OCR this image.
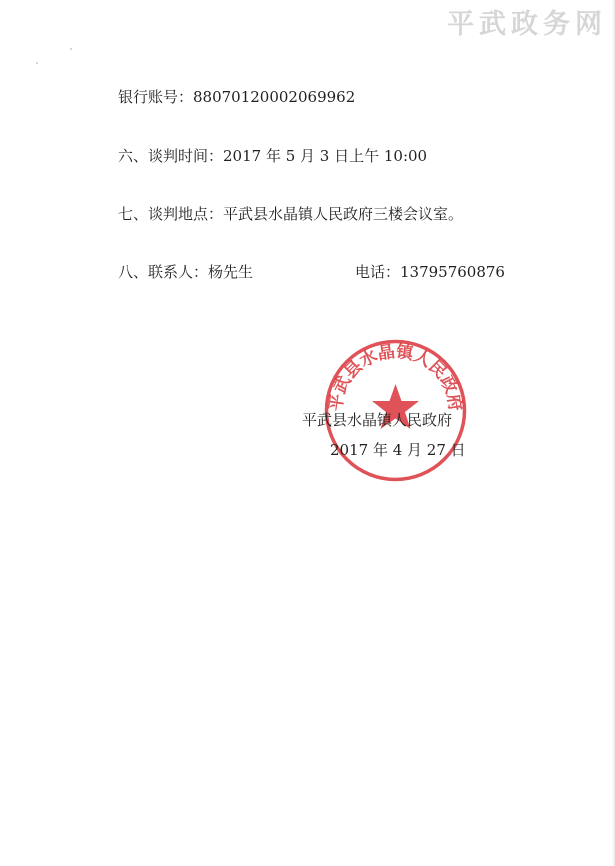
平武政务网
银行账号：88070120002069962
六、谈判时间：2017 年 5 月 3 日上午 10:00
七、谈判地点：平武县水晶镇人民政府三楼会议室。
八、联系人：杨先生	电话：13795760876
平武县水晶镇人民政府
平武县水晶镇人民政府
2017 年 4 月 27 日
